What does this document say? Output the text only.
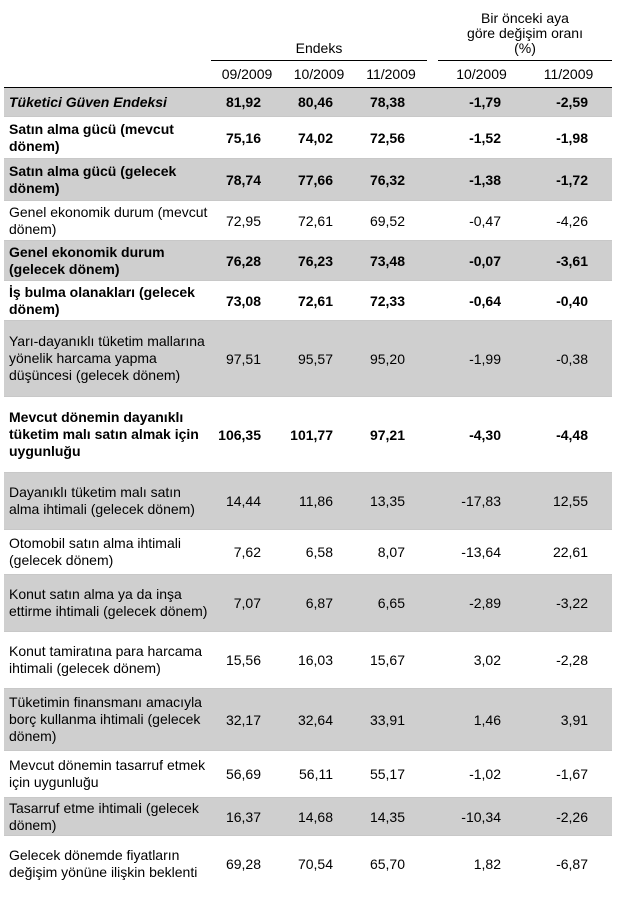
	Endeks				Bir önceki aya
göre değişim oranı
(%)	
	09/2009	10/2009	11/2009		10/2009	11/2009
Tüketici Güven Endeksi	81,92	80,46	78,38		-1,79	-2,59
Satın alma gücü (mevcut dönem)	75,16	74,02	72,56		-1,52	-1,98
Satın alma gücü (gelecek dönem)	78,74	77,66	76,32		-1,38	-1,72
Genel ekonomik durum (mevcut dönem)	72,95	72,61	69,52		-0,47	-4,26
Genel ekonomik durum (gelecek dönem)	76,28	76,23	73,48		-0,07	-3,61
İş bulma olanakları (gelecek dönem)	73,08	72,61	72,33		-0,64	-0,40
Yarı-dayanıklı tüketim mallarına yönelik harcama yapma düşüncesi (gelecek dönem)	97,51	95,57	95,20		-1,99	-0,38
Mevcut dönemin dayanıklı tüketim malı satın almak için uygunluğu	106,35	101,77	97,21		-4,30	-4,48
Dayanıklı tüketim malı satın alma ihtimali (gelecek dönem)	14,44	11,86	13,35		-17,83	12,55
Otomobil satın alma ihtimali (gelecek dönem)	7,62	6,58	8,07		-13,64	22,61
Konut satın alma ya da inşa ettirme ihtimali (gelecek dönem)	7,07	6,87	6,65		-2,89	-3,22
Konut tamiratına para harcama ihtimali (gelecek dönem)	15,56	16,03	15,67		3,02	-2,28
Tüketimin finansmanı amacıyla borç kullanma ihtimali (gelecek dönem)	32,17	32,64	33,91		1,46	3,91
Mevcut dönemin tasarruf etmek için uygunluğu	56,69	56,11	55,17		-1,02	-1,67
Tasarruf etme ihtimali (gelecek dönem)	16,37	14,68	14,35		-10,34	-2,26
Gelecek dönemde fiyatların değişim yönüne ilişkin beklenti	69,28	70,54	65,70		1,82	-6,87
